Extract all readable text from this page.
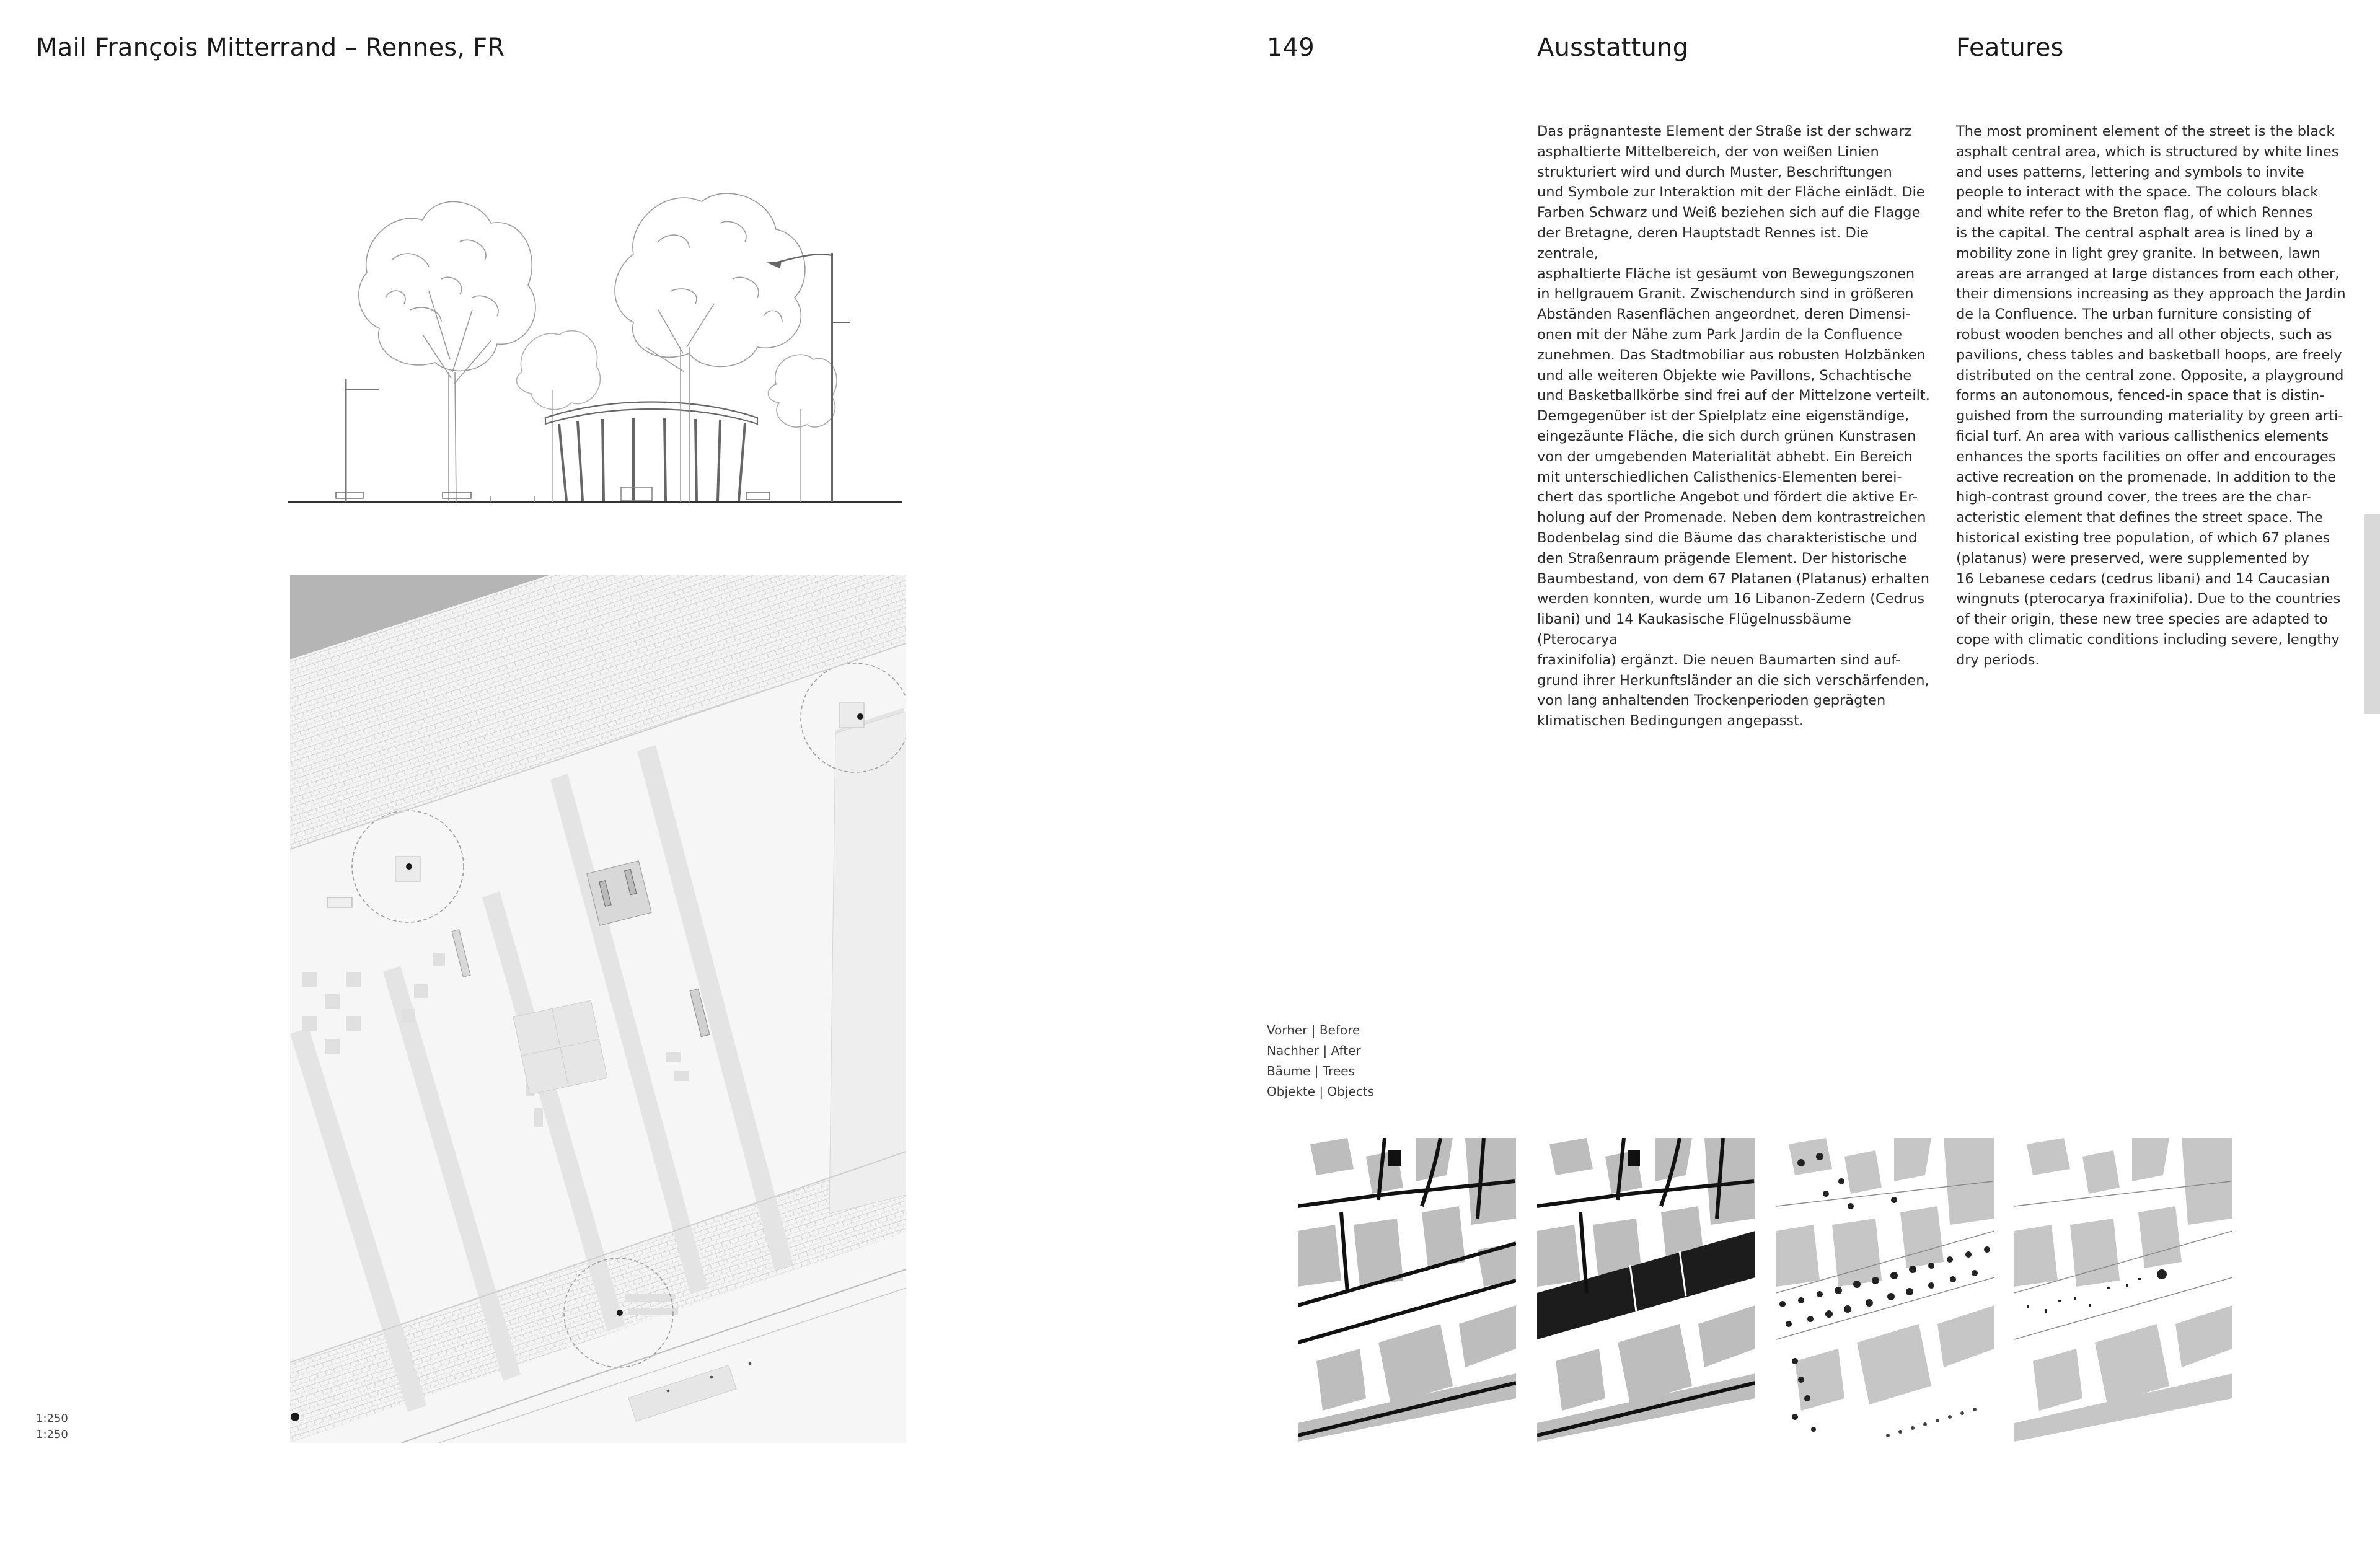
Mail François Mitterrand – Rennes, FR	149	Ausstattung	Features
Das prägnanteste Element der Straße ist der schwarz
asphaltierte Mittelbereich, der von weißen Linien
strukturiert wird und durch Muster, Beschriftungen
und Symbole zur Interaktion mit der Fläche einlädt. Die
Farben Schwarz und Weiß beziehen sich auf die Flagge
der Bretagne, deren Hauptstadt Rennes ist. Die zentrale,
asphaltierte Fläche ist gesäumt von Bewegungszonen
in hellgrauem Granit. Zwischendurch sind in größeren
Abständen Rasenflächen angeordnet, deren Dimensi-
onen mit der Nähe zum Park Jardin de la Confluence
zunehmen. Das Stadtmobiliar aus robusten Holzbänken
und alle weiteren Objekte wie Pavillons, Schachtische
und Basketballkörbe sind frei auf der Mittelzone verteilt.
Demgegenüber ist der Spielplatz eine eigenständige,
eingezäunte Fläche, die sich durch grünen Kunstrasen
von der umgebenden Materialität abhebt. Ein Bereich
mit unterschiedlichen Calisthenics-Elementen berei-
chert das sportliche Angebot und fördert die aktive Er-
holung auf der Promenade. Neben dem kontrastreichen
Bodenbelag sind die Bäume das charakteristische und
den Straßenraum prägende Element. Der historische
Baumbestand, von dem 67 Platanen (Platanus) erhalten
werden konnten, wurde um 16 Libanon-Zedern (Cedrus
libani) und 14 Kaukasische Flügelnussbäume (Pterocarya
fraxinifolia) ergänzt. Die neuen Baumarten sind auf-
grund ihrer Herkunftsländer an die sich verschärfenden,
von lang anhaltenden Trockenperioden geprägten
klimatischen Bedingungen angepasst.
The most prominent element of the street is the black
asphalt central area, which is structured by white lines
and uses patterns, lettering and symbols to invite
people to interact with the space. The colours black
and white refer to the Breton flag, of which Rennes
is the capital. The central asphalt area is lined by a
mobility zone in light grey granite. In between, lawn
areas are arranged at large distances from each other,
their dimensions increasing as they approach the Jardin
de la Confluence. The urban furniture consisting of
robust wooden benches and all other objects, such as
pavilions, chess tables and basketball hoops, are freely
distributed on the central zone. Opposite, a playground
forms an autonomous, fenced-in space that is distin-
guished from the surrounding materiality by green arti-
ficial turf. An area with various callisthenics elements
enhances the sports facilities on offer and encourages
active recreation on the promenade. In addition to the
high-contrast ground cover, the trees are the char-
acteristic element that defines the street space. The
historical existing tree population, of which 67 planes
(platanus) were preserved, were supplemented by
16 Lebanese cedars (cedrus libani) and 14 Caucasian
wingnuts (pterocarya fraxinifolia). Due to the countries
of their origin, these new tree species are adapted to
cope with climatic conditions including severe, lengthy
dry periods.
1:250
1:250
Vorher | Before
Nachher | After
Bäume | Trees
Objekte | Objects
